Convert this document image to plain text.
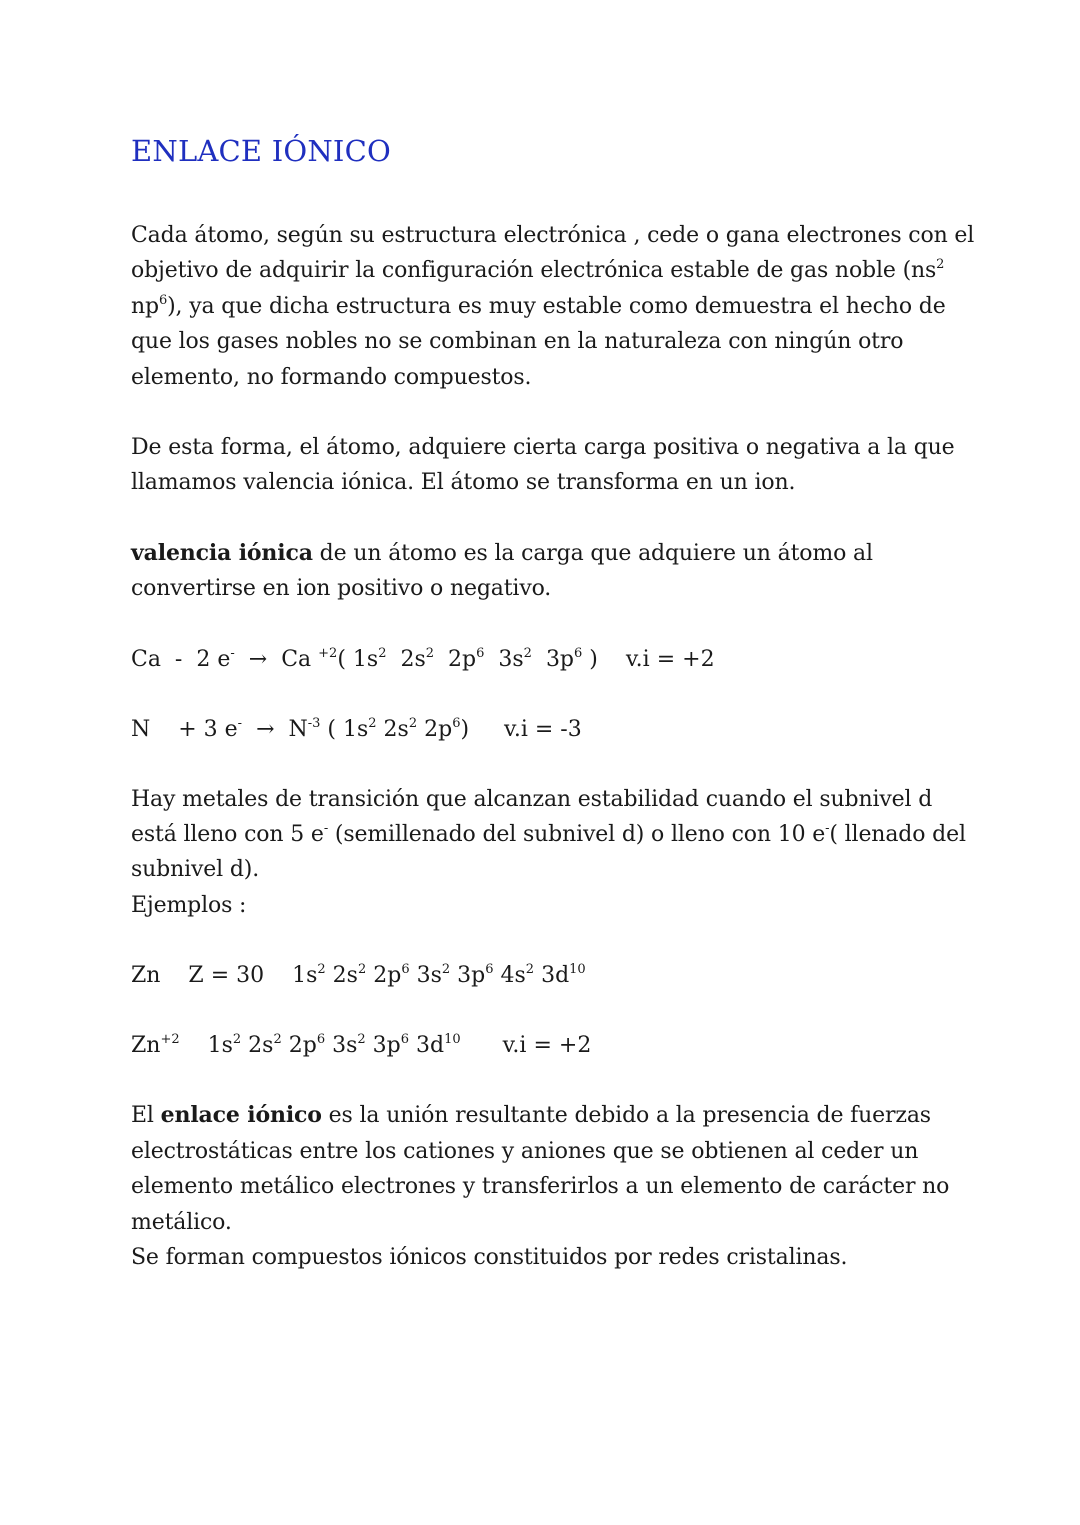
ENLACE IÓNICO

Cada átomo, según su estructura electrónica , cede o gana electrones con el
objetivo de adquirir la configuración electrónica estable de gas noble ($ns^2$
$np^6$), ya que dicha estructura es muy estable como demuestra el hecho de
que los gases nobles no se combinan en la naturaleza con ningún otro
elemento, no formando compuestos.

De esta forma, el átomo, adquiere cierta carga positiva o negativa a la que
llamamos valencia iónica. El átomo se transforma en un ion.

valencia iónica de un átomo es la carga que adquiere un átomo al
convertirse en ion positivo o negativo.

Ca  -  2 e-  →  Ca $^{+2}$( $1s^2$  $2s^2$  $2p^6$  $3s^2$  $3p^6$ )    v.i = +2

N    + 3 $e^- \to N^{-3}$ ( $1s^2$ $2s^2$ $2p^6$)     v.i = -3

Hay metales de transición que alcanzan estabilidad cuando el subnivel d
está lleno con 5 e- (semillenado del subnivel d) o lleno con 10 e-( llenado del
subnivel d).
Ejemplos :

Zn    Z = 30    $1s^2$ $2s^2$ $2p^6$ $3s^2$ $3p^6$ $4s^2$ $3d^{10}$

$Zn^{+2}$    $1s^2$ $2s^2$ $2p^6$ $3s^2$ $3p^6$ $3d^{10}$      v.i = +2

El enlace iónico es la unión resultante debido a la presencia de fuerzas
electrostáticas entre los cationes y aniones que se obtienen al ceder un
elemento metálico electrones y transferirlos a un elemento de carácter no
metálico.
Se forman compuestos iónicos constituidos por redes cristalinas.
